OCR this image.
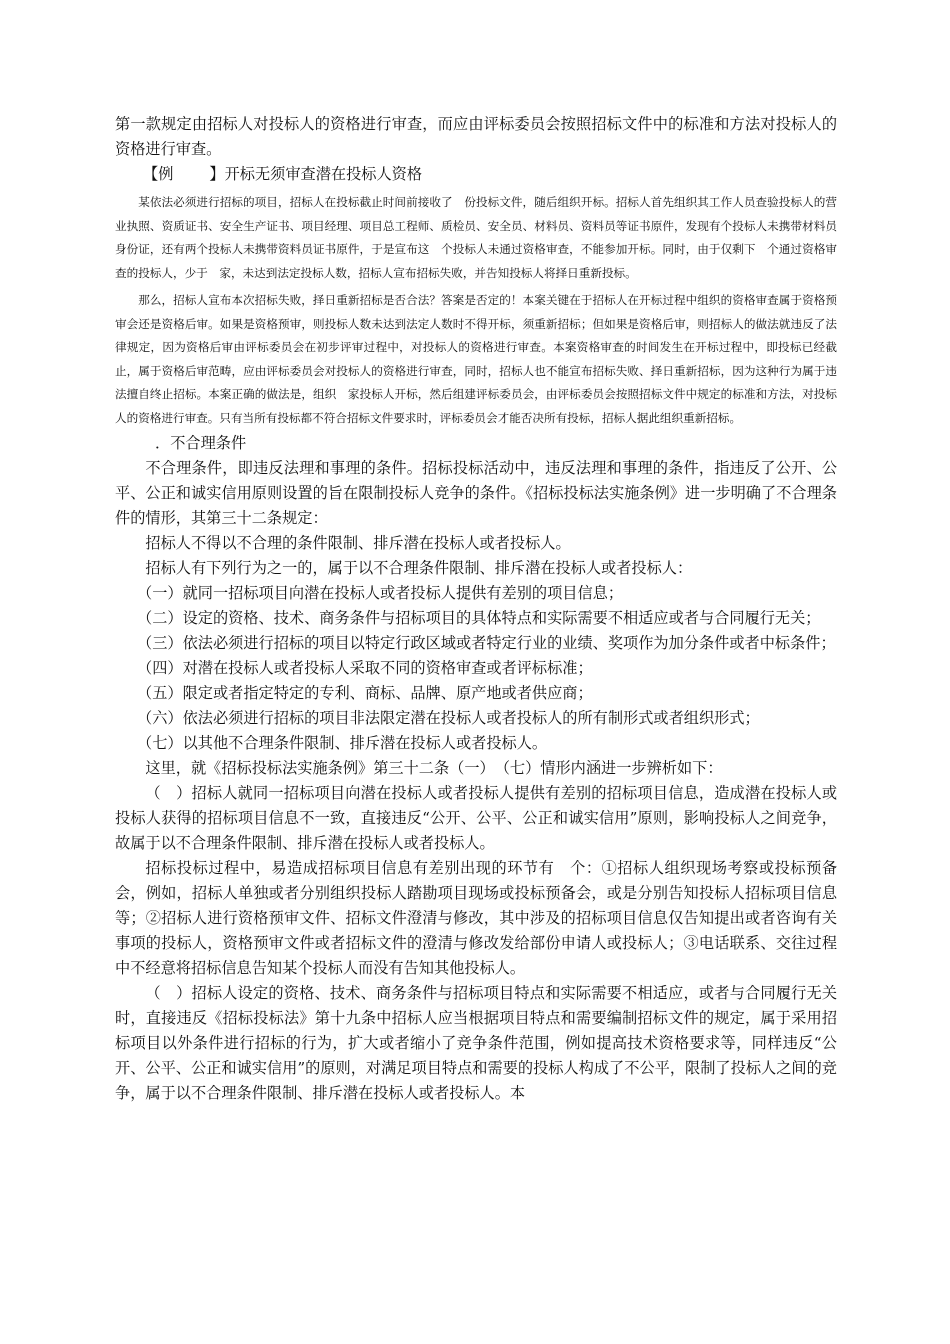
第一款规定由招标人对投标人的资格进行审查，而应由评标委员会按照招标文件中的标准和方法对投标人的资格进行审查。

【例 】开标无须审查潜在投标人资格

某依法必须进行招标的项目，招标人在投标截止时间前接收了　份投标文件，随后组织开标。招标人首先组织其工作人员查验投标人的营业执照、资质证书、安全生产证书、项目经理、项目总工程师、质检员、安全员、材料员、资料员等证书原件，发现有个投标人未携带材料员身份证，还有两个投标人未携带资料员证书原件，于是宣布这　个投标人未通过资格审查，不能参加开标。同时，由于仅剩下　个通过资格审查的投标人，少于　家，未达到法定投标人数，招标人宣布招标失败，并告知投标人将择日重新投标。

那么，招标人宣布本次招标失败，择日重新招标是否合法？答案是否定的！本案关键在于招标人在开标过程中组织的资格审查属于资格预审会还是资格后审。如果是资格预审，则投标人数未达到法定人数时不得开标，须重新招标；但如果是资格后审，则招标人的做法就违反了法律规定，因为资格后审由评标委员会在初步评审过程中，对投标人的资格进行审查。本案资格审查的时间发生在开标过程中，即投标已经截止，属于资格后审范畴，应由评标委员会对投标人的资格进行审查，同时，招标人也不能宣布招标失败、择日重新招标，因为这种行为属于违法擅自终止招标。本案正确的做法是，组织　家投标人开标，然后组建评标委员会，由评标委员会按照招标文件中规定的标准和方法，对投标人的资格进行审查。只有当所有投标都不符合招标文件要求时，评标委员会才能否决所有投标，招标人据此组织重新招标。

．不合理条件

不合理条件，即违反法理和事理的条件。招标投标活动中，违反法理和事理的条件，指违反了公开、公平、公正和诚实信用原则设置的旨在限制投标人竞争的条件。《招标投标法实施条例》进一步明确了不合理条件的情形，其第三十二条规定：

招标人不得以不合理的条件限制、排斥潜在投标人或者投标人。

招标人有下列行为之一的，属于以不合理条件限制、排斥潜在投标人或者投标人：

（一）就同一招标项目向潜在投标人或者投标人提供有差别的项目信息；

（二）设定的资格、技术、商务条件与招标项目的具体特点和实际需要不相适应或者与合同履行无关；

（三）依法必须进行招标的项目以特定行政区域或者特定行业的业绩、奖项作为加分条件或者中标条件；

（四）对潜在投标人或者投标人采取不同的资格审查或者评标标准；

（五）限定或者指定特定的专利、商标、品牌、原产地或者供应商；

（六）依法必须进行招标的项目非法限定潜在投标人或者投标人的所有制形式或者组织形式；

（七）以其他不合理条件限制、排斥潜在投标人或者投标人。

这里，就《招标投标法实施条例》第三十二条（一）　（七）情形内涵进一步辨析如下：

（　）招标人就同一招标项目向潜在投标人或者投标人提供有差别的招标项目信息，造成潜在投标人或投标人获得的招标项目信息不一致，直接违反“公开、公平、公正和诚实信用”原则，影响投标人之间竞争，故属于以不合理条件限制、排斥潜在投标人或者投标人。

招标投标过程中，易造成招标项目信息有差别出现的环节有　个：①招标人组织现场考察或投标预备会，例如，招标人单独或者分别组织投标人踏勘项目现场或投标预备会，或是分别告知投标人招标项目信息等；②招标人进行资格预审文件、招标文件澄清与修改，其中涉及的招标项目信息仅告知提出或者咨询有关事项的投标人，资格预审文件或者招标文件的澄清与修改发给部份申请人或投标人；③电话联系、交往过程中不经意将招标信息告知某个投标人而没有告知其他投标人。

（　）招标人设定的资格、技术、商务条件与招标项目特点和实际需要不相适应，或者与合同履行无关时，直接违反《招标投标法》第十九条中招标人应当根据项目特点和需要编制招标文件的规定，属于采用招标项目以外条件进行招标的行为，扩大或者缩小了竞争条件范围，例如提高技术资格要求等，同样违反“公开、公平、公正和诚实信用”的原则，对满足项目特点和需要的投标人构成了不公平，限制了投标人之间的竞争，属于以不合理条件限制、排斥潜在投标人或者投标人。本
